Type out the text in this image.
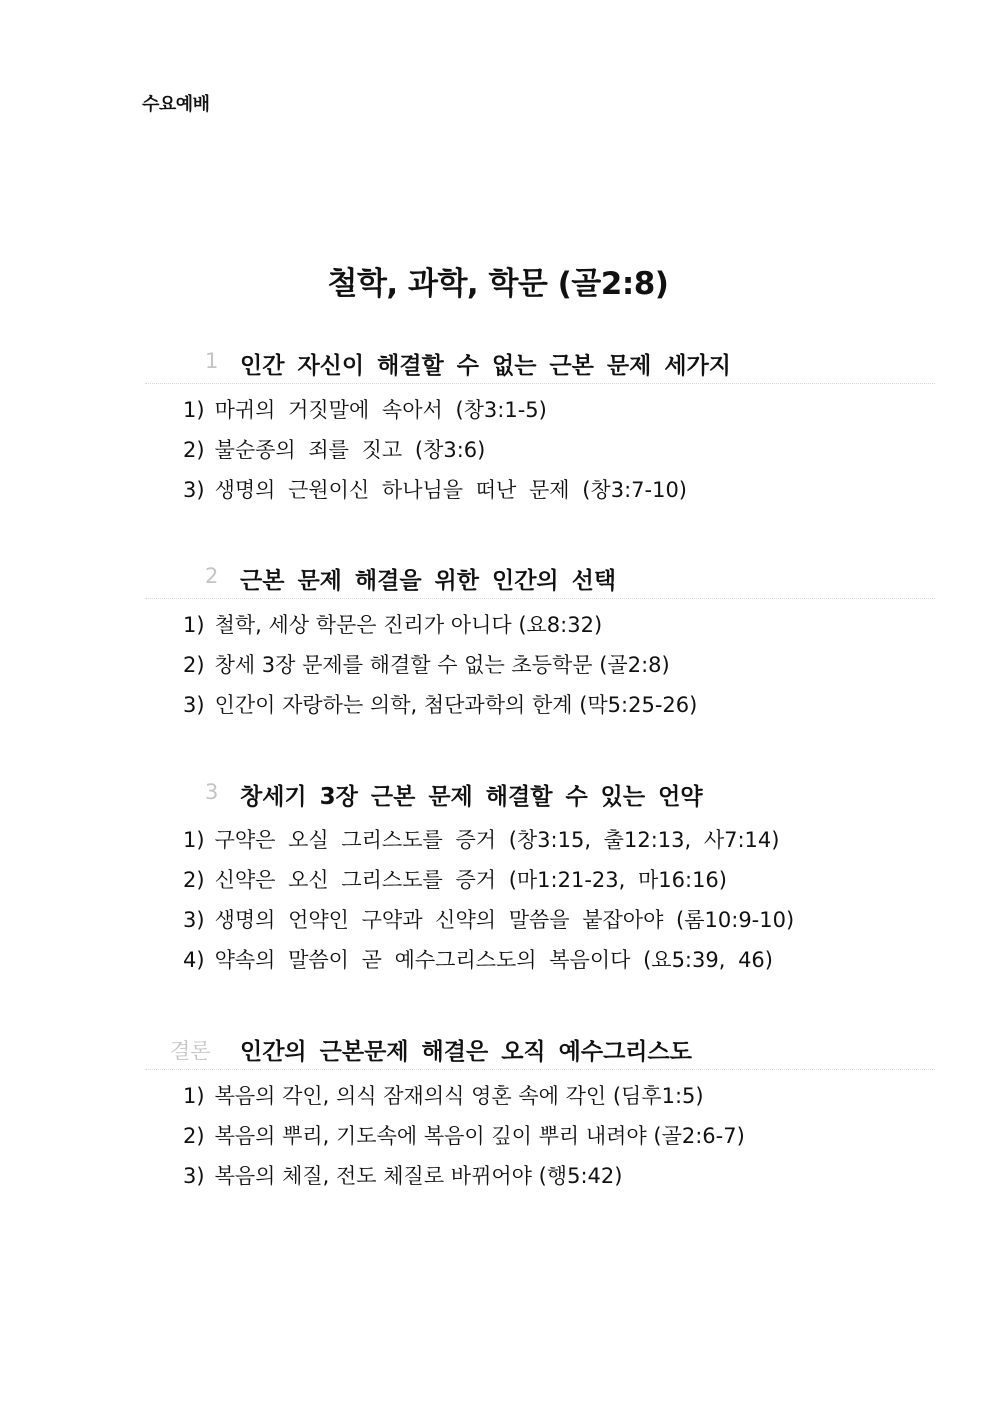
수요예배
철학, 과학, 학문 (골2:8)
1 인간 자신이 해결할 수 없는 근본 문제 세가지
1) 마귀의 거짓말에 속아서 (창3:1-5)
2) 불순종의 죄를 짓고 (창3:6)
3) 생명의 근원이신 하나님을 떠난 문제 (창3:7-10)
2 근본 문제 해결을 위한 인간의 선택
1) 철학, 세상 학문은 진리가 아니다 (요8:32)
2) 창세 3장 문제를 해결할 수 없는 초등학문 (골2:8)
3) 인간이 자랑하는 의학, 첨단과학의 한계 (막5:25-26)
3 창세기 3장 근본 문제 해결할 수 있는 언약
1) 구약은 오실 그리스도를 증거 (창3:15, 출12:13, 사7:14)
2) 신약은 오신 그리스도를 증거 (마1:21-23, 마16:16)
3) 생명의 언약인 구약과 신약의 말씀을 붙잡아야 (롬10:9-10)
4) 약속의 말씀이 곧 예수그리스도의 복음이다 (요5:39, 46)
결론 인간의 근본문제 해결은 오직 예수그리스도
1) 복음의 각인, 의식 잠재의식 영혼 속에 각인 (딤후1:5)
2) 복음의 뿌리, 기도속에 복음이 깊이 뿌리 내려야 (골2:6-7)
3) 복음의 체질, 전도 체질로 바뀌어야 (행5:42)
